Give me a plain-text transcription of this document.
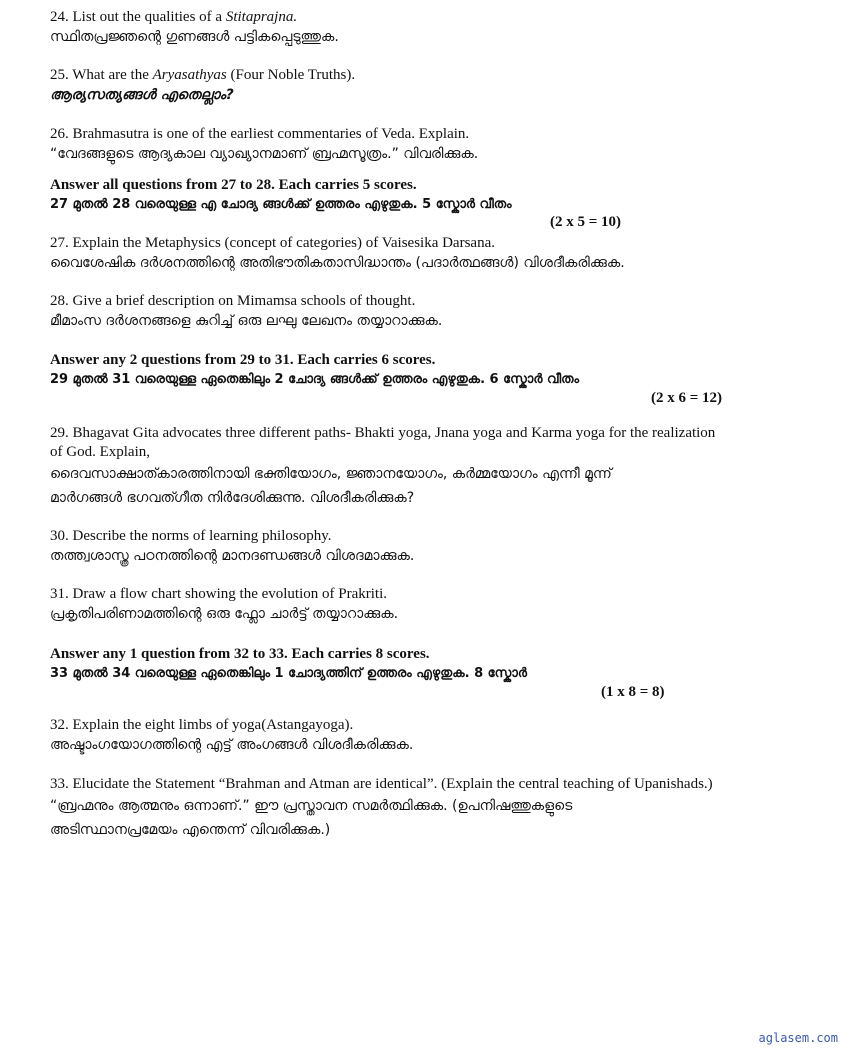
24. List out the qualities of a Stitaprajna.
സ്ഥിതപ്രജ്ഞന്റെ ഗുണങ്ങൾ പട്ടികപ്പെടുത്തുക.
25. What are the Aryasathyas (Four Noble Truths).
ആര്യസത്യങ്ങൾ എതെല്ലാം?
26. Brahmasutra is one of the earliest commentaries of Veda. Explain.
“വേദങ്ങളുടെ ആദ്യകാല വ്യാഖ്യാനമാണ് ബ്രഹ്മസൂത്രം.” വിവരിക്കുക.
Answer all questions from 27 to 28. Each carries 5 scores.
27 മുതൽ 28 വരെയുള്ള എ ചോദ്യ ങ്ങൾക്ക് ഉത്തരം എഴുതുക. 5 സ്കോർ വീതം
(2 x 5 = 10)
27. Explain the Metaphysics (concept of categories) of Vaisesika Darsana.
വൈശേഷിക ദർശനത്തിന്റെ അതിഭൗതികതാസിദ്ധാന്തം (പദാർത്ഥങ്ങൾ) വിശദീകരിക്കുക.
28. Give a brief description on Mimamsa schools of thought.
മീമാംസ ദർശനങ്ങളെ കുറിച്ച് ഒരു ലഘു ലേഖനം തയ്യാറാക്കുക.
Answer any 2 questions from 29 to 31. Each carries 6 scores.
29 മുതൽ 31 വരെയുള്ള ഏതെങ്കിലും 2 ചോദ്യ ങ്ങൾക്ക് ഉത്തരം എഴുതുക. 6 സ്കോർ വീതം
(2 x 6 = 12)
29. Bhagavat Gita advocates three different paths- Bhakti yoga, Jnana yoga and Karma yoga for the realization
of God. Explain,
ദൈവസാക്ഷാത്കാരത്തിനായി ഭക്തിയോഗം, ജ്ഞാനയോഗം, കർമ്മയോഗം എന്നീ മൂന്ന്
മാർഗങ്ങൾ ഭഗവത്ഗീത നിർദേശിക്കുന്നു. വിശദീകരിക്കുക?
30. Describe the norms of learning philosophy.
തത്ത്വശാസ്ത്ര പഠനത്തിന്റെ മാനദണ്ഡങ്ങൾ വിശദമാക്കുക.
31. Draw a flow chart showing the evolution of Prakriti.
പ്രകൃതിപരിണാമത്തിന്റെ ഒരു ഫ്ലോ ചാർട്ട് തയ്യാറാക്കുക.
Answer any 1 question from 32 to 33. Each carries 8 scores.
33 മുതൽ 34 വരെയുള്ള ഏതെങ്കിലും 1 ചോദ്യത്തിന് ഉത്തരം എഴുതുക. 8 സ്കോർ
(1 x 8 = 8)
32. Explain the eight limbs of yoga(Astangayoga).
അഷ്ടാംഗയോഗത്തിന്റെ എട്ട് അംഗങ്ങൾ വിശദീകരിക്കുക.
33. Elucidate the Statement “Brahman and Atman are identical”. (Explain the central teaching of Upanishads.)
“ബ്രഹ്മനും ആത്മനും ഒന്നാണ്.” ഈ പ്രസ്താവന സമർത്ഥിക്കുക. (ഉപനിഷത്തുകളുടെ
അടിസ്ഥാനപ്രമേയം എന്തെന്ന് വിവരിക്കുക.)
aglasem.com
